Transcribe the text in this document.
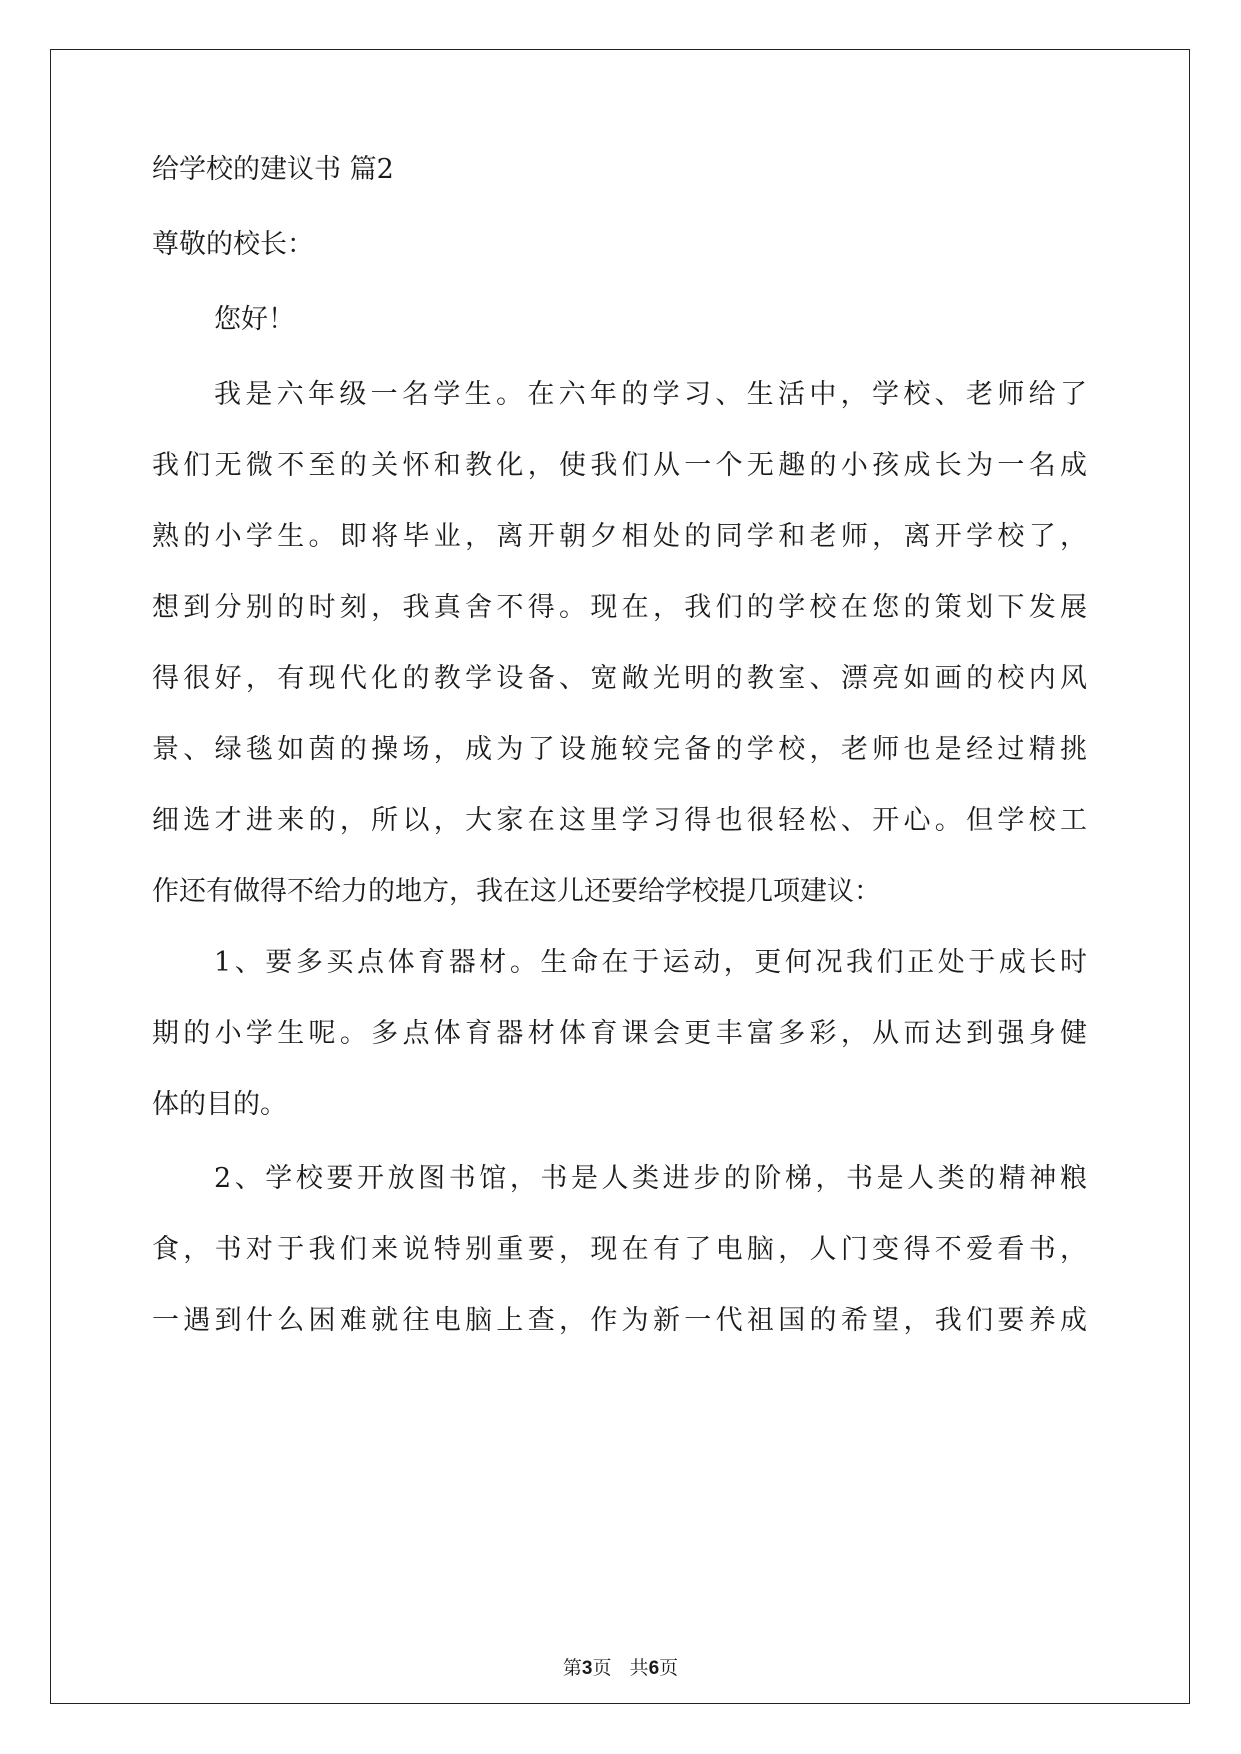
给学校的建议书 篇2
尊敬的校长：
您好！
我是六年级一名学生。在六年的学习、生活中，学校、老师给了
我们无微不至的关怀和教化，使我们从一个无趣的小孩成长为一名成
熟的小学生。即将毕业，离开朝夕相处的同学和老师，离开学校了，
想到分别的时刻，我真舍不得。现在，我们的学校在您的策划下发展
得很好，有现代化的教学设备、宽敞光明的教室、漂亮如画的校内风
景、绿毯如茵的操场，成为了设施较完备的学校，老师也是经过精挑
细选才进来的，所以，大家在这里学习得也很轻松、开心。但学校工
作还有做得不给力的地方，我在这儿还要给学校提几项建议：
1、要多买点体育器材。生命在于运动，更何况我们正处于成长时
期的小学生呢。多点体育器材体育课会更丰富多彩，从而达到强身健
体的目的。
2、学校要开放图书馆，书是人类进步的阶梯，书是人类的精神粮
食，书对于我们来说特别重要，现在有了电脑，人门变得不爱看书，
一遇到什么困难就往电脑上查，作为新一代祖国的希望，我们要养成
第3页   共6页
